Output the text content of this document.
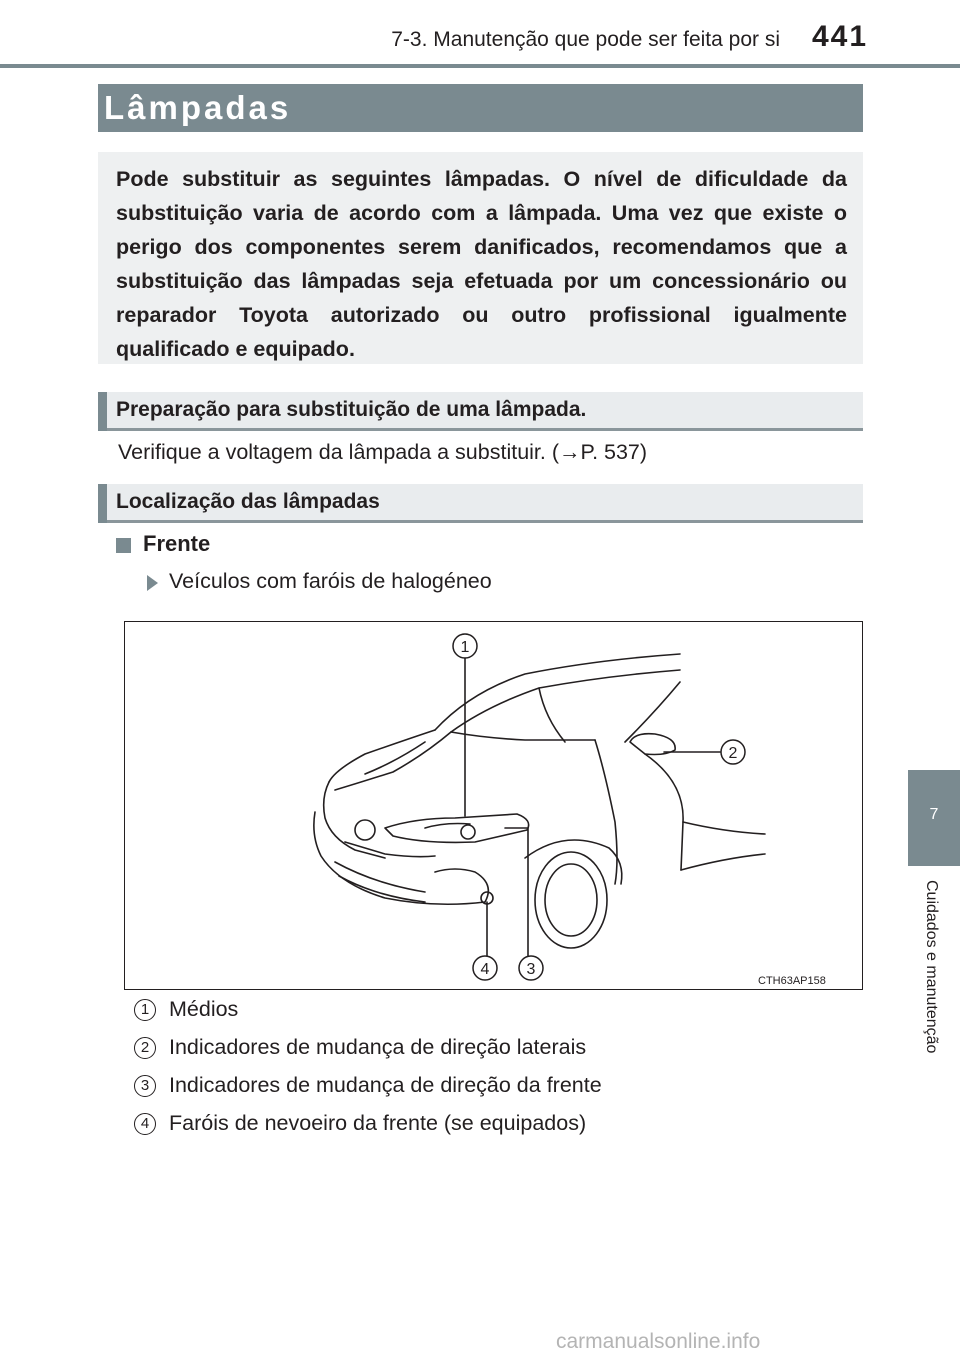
7-3. Manutenção que pode ser feita por si 441
Lâmpadas
Pode substituir as seguintes lâmpadas. O nível de dificuldade da substituição varia de acordo com a lâmpada. Uma vez que existe o perigo dos componentes serem danificados, recomendamos que a substituição das lâmpadas seja efetuada por um concessionário ou reparador Toyota autorizado ou outro profissional igualmente qualificado e equipado.
Preparação para substituição de uma lâmpada.
Verifique a voltagem da lâmpada a substituir. (→P. 537)
Localização das lâmpadas
Frente
Veículos com faróis de halogéneo
1
2
3
4
CTH63AP158
1 Médios
2 Indicadores de mudança de direção laterais
3 Indicadores de mudança de direção da frente
4 Faróis de nevoeiro da frente (se equipados)
7
Cuidados e manutenção
carmanualsonline.info
